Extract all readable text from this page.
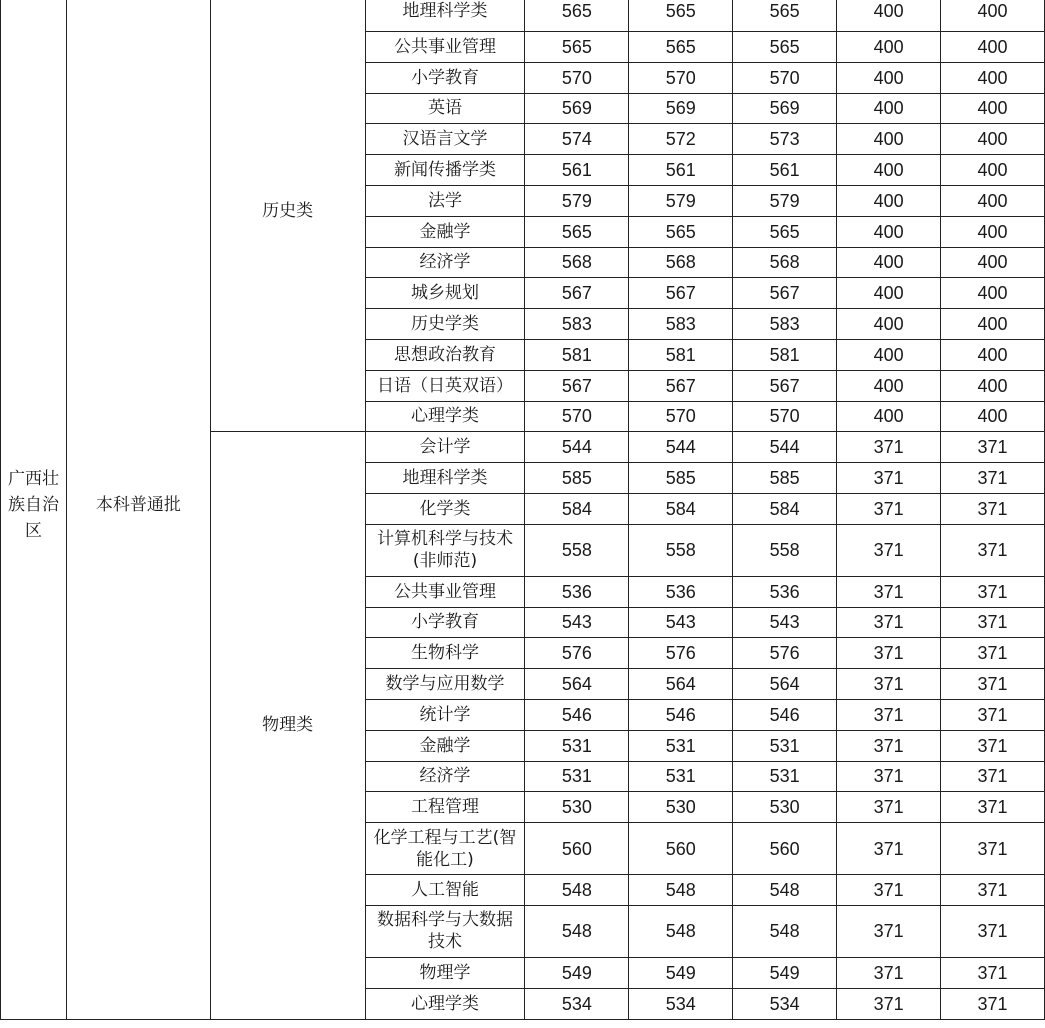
广西壮族自治区	本科普通批	历史类	地理科学类	565	565	565	400	400
			公共事业管理	565	565	565	400	400
			小学教育	570	570	570	400	400
			英语	569	569	569	400	400
			汉语言文学	574	572	573	400	400
			新闻传播学类	561	561	561	400	400
			法学	579	579	579	400	400
			金融学	565	565	565	400	400
			经济学	568	568	568	400	400
			城乡规划	567	567	567	400	400
			历史学类	583	583	583	400	400
			思想政治教育	581	581	581	400	400
			日语（日英双语）	567	567	567	400	400
			心理学类	570	570	570	400	400
		物理类	会计学	544	544	544	371	371
			地理科学类	585	585	585	371	371
			化学类	584	584	584	371	371
			计算机科学与技术(非师范)	558	558	558	371	371
			公共事业管理	536	536	536	371	371
			小学教育	543	543	543	371	371
			生物科学	576	576	576	371	371
			数学与应用数学	564	564	564	371	371
			统计学	546	546	546	371	371
			金融学	531	531	531	371	371
			经济学	531	531	531	371	371
			工程管理	530	530	530	371	371
			化学工程与工艺(智能化工)	560	560	560	371	371
			人工智能	548	548	548	371	371
			数据科学与大数据技术	548	548	548	371	371
			物理学	549	549	549	371	371
			心理学类	534	534	534	371	371
